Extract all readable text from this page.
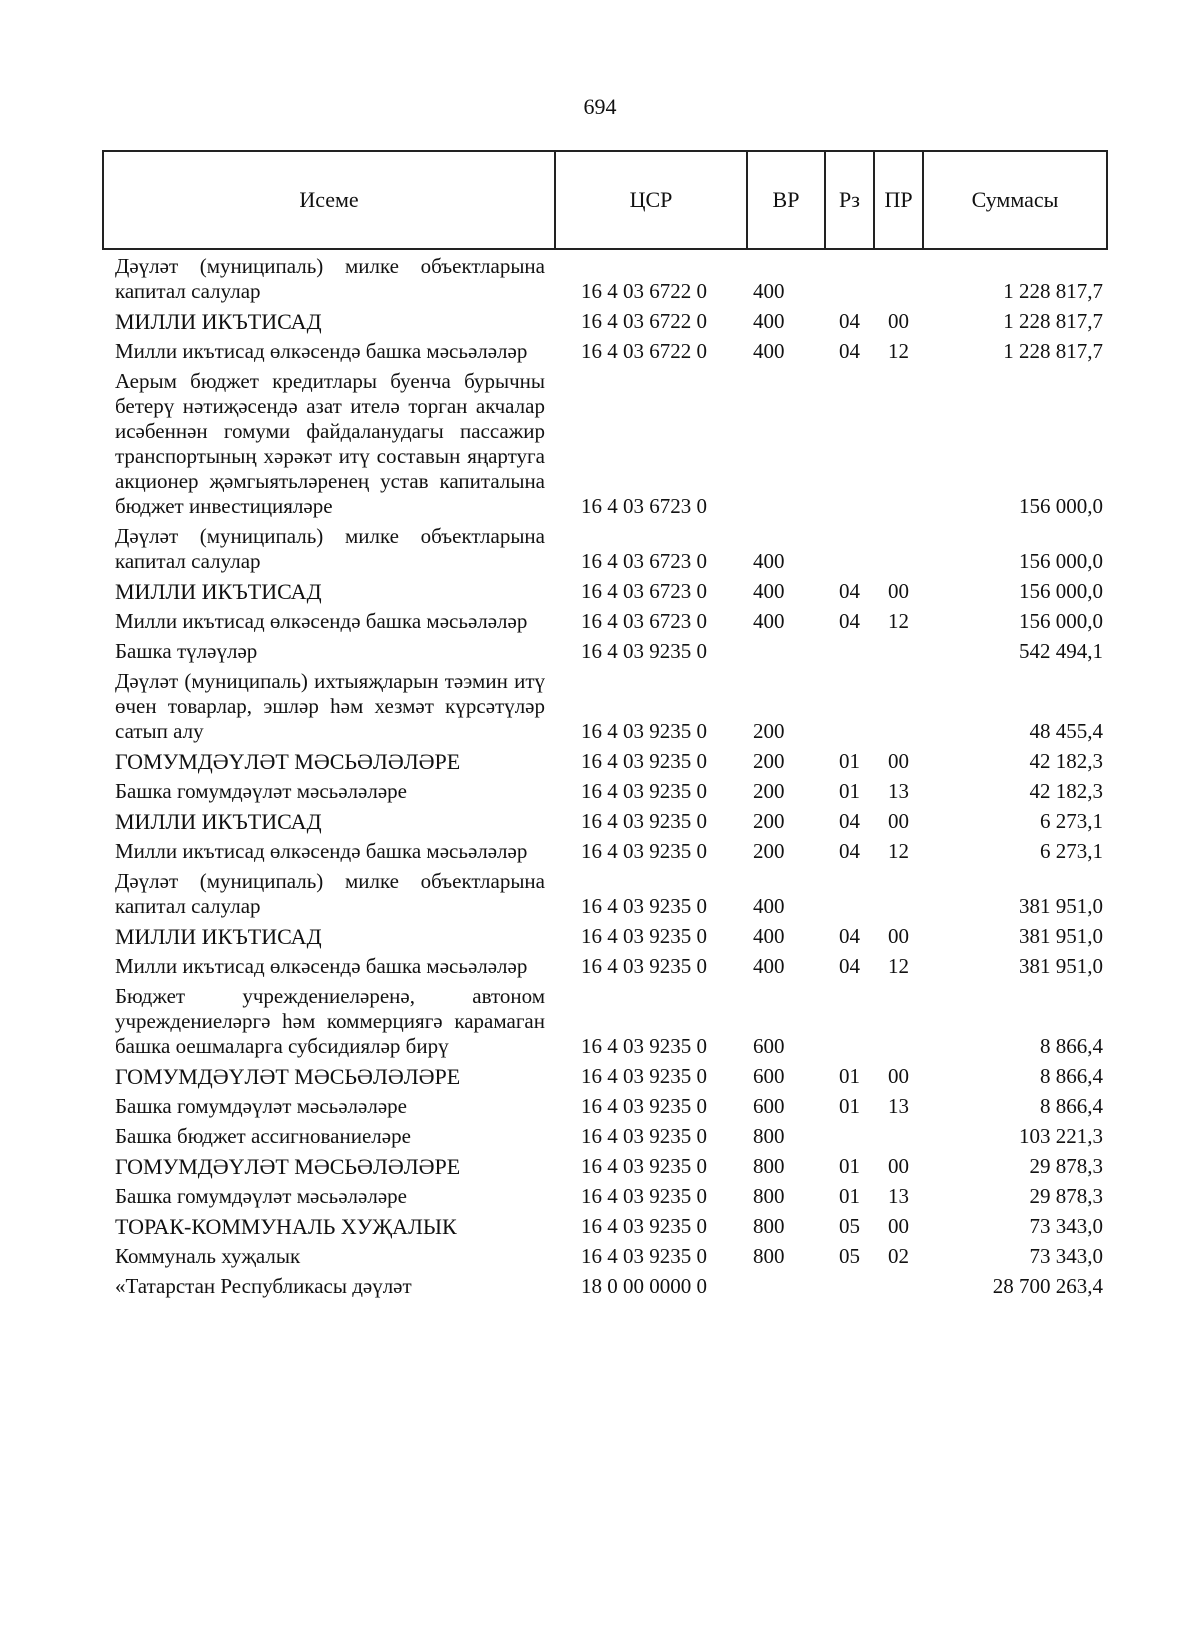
694
Исеме	ЦСР	ВР	Рз	ПР	Суммасы
Дәүләт (муниципаль) милке объектларына капитал салулар	16 4 03 6722 0	400			1 228 817,7
МИЛЛИ ИКЪТИСАД	16 4 03 6722 0	400	04	00	1 228 817,7
Милли икътисад өлкәсендә башка мәсьәләләр	16 4 03 6722 0	400	04	12	1 228 817,7
Аерым бюджет кредитлары буенча бурычны бетерү нәтиҗәсендә азат ителә торган акчалар исәбеннән гомуми файдаланудагы пассажир транспортының хәрәкәт итү составын яңартуга акционер җәмгыятьләренең устав капиталына бюджет инвестицияләре	16 4 03 6723 0				156 000,0
Дәүләт (муниципаль) милке объектларына капитал салулар	16 4 03 6723 0	400			156 000,0
МИЛЛИ ИКЪТИСАД	16 4 03 6723 0	400	04	00	156 000,0
Милли икътисад өлкәсендә башка мәсьәләләр	16 4 03 6723 0	400	04	12	156 000,0
Башка түләүләр	16 4 03 9235 0				542 494,1
Дәүләт (муниципаль) ихтыяҗларын тәэмин итү өчен товарлар, эшләр һәм хезмәт күрсәтүләр сатып алу	16 4 03 9235 0	200			48 455,4
ГОМУМДӘҮЛӘТ МӘСЬӘЛӘЛӘРЕ	16 4 03 9235 0	200	01	00	42 182,3
Башка гомумдәүләт мәсьәләләре	16 4 03 9235 0	200	01	13	42 182,3
МИЛЛИ ИКЪТИСАД	16 4 03 9235 0	200	04	00	6 273,1
Милли икътисад өлкәсендә башка мәсьәләләр	16 4 03 9235 0	200	04	12	6 273,1
Дәүләт (муниципаль) милке объектларына капитал салулар	16 4 03 9235 0	400			381 951,0
МИЛЛИ ИКЪТИСАД	16 4 03 9235 0	400	04	00	381 951,0
Милли икътисад өлкәсендә башка мәсьәләләр	16 4 03 9235 0	400	04	12	381 951,0
Бюджет учреждениеләренә, автоном учреждениеләргә һәм коммерциягә карамаган башка оешмаларга субсидияләр бирү	16 4 03 9235 0	600			8 866,4
ГОМУМДӘҮЛӘТ МӘСЬӘЛӘЛӘРЕ	16 4 03 9235 0	600	01	00	8 866,4
Башка гомумдәүләт мәсьәләләре	16 4 03 9235 0	600	01	13	8 866,4
Башка бюджет ассигнованиеләре	16 4 03 9235 0	800			103 221,3
ГОМУМДӘҮЛӘТ МӘСЬӘЛӘЛӘРЕ	16 4 03 9235 0	800	01	00	29 878,3
Башка гомумдәүләт мәсьәләләре	16 4 03 9235 0	800	01	13	29 878,3
ТОРАК-КОММУНАЛЬ ХУҖАЛЫК	16 4 03 9235 0	800	05	00	73 343,0
Коммуналь хуҗалык	16 4 03 9235 0	800	05	02	73 343,0
«Татарстан Республикасы дәүләт	18 0 00 0000 0				28 700 263,4
